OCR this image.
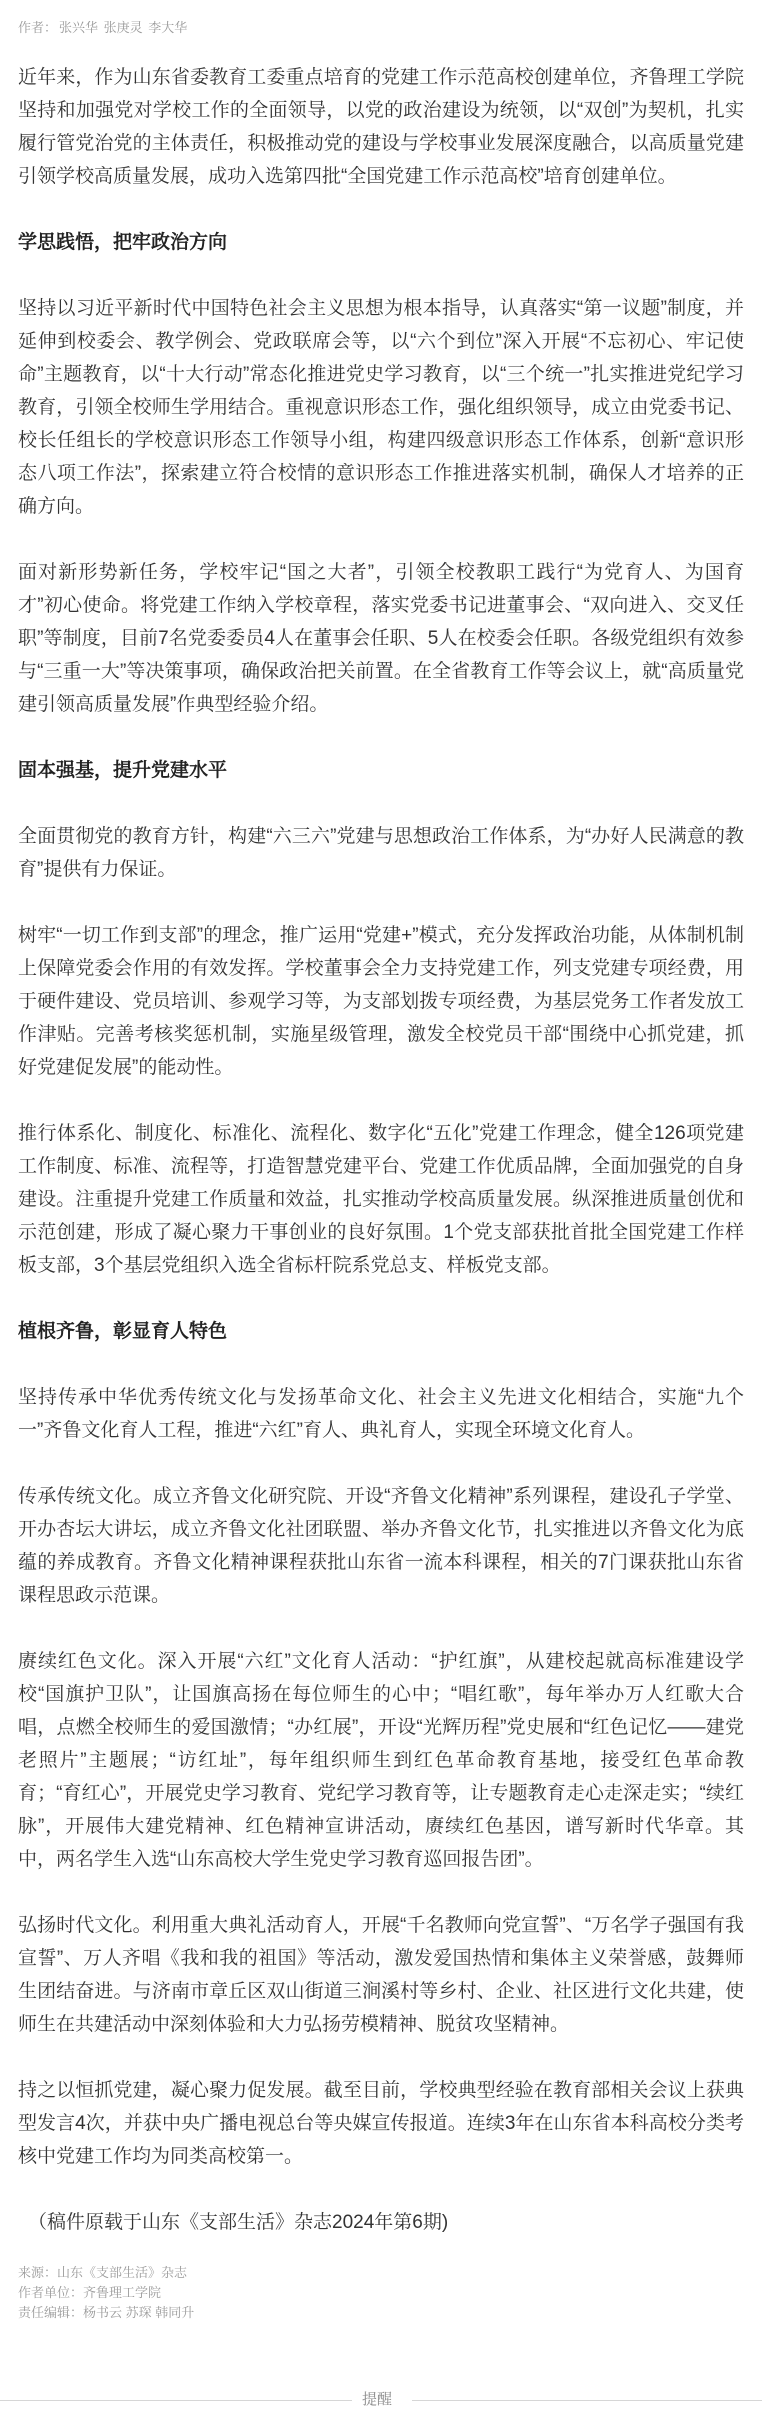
作者： 张兴华 张庚灵 李大华

近年来，作为山东省委教育工委重点培育的党建工作示范高校创建单位，齐鲁理工学院坚持和加强党对学校工作的全面领导，以党的政治建设为统领，以“双创”为契机，扎实履行管党治党的主体责任，积极推动党的建设与学校事业发展深度融合，以高质量党建引领学校高质量发展，成功入选第四批“全国党建工作示范高校”培育创建单位。

学思践悟，把牢政治方向

坚持以习近平新时代中国特色社会主义思想为根本指导，认真落实“第一议题”制度，并延伸到校委会、教学例会、党政联席会等，以“六个到位”深入开展“不忘初心、牢记使命”主题教育，以“十大行动”常态化推进党史学习教育，以“三个统一”扎实推进党纪学习教育，引领全校师生学用结合。重视意识形态工作，强化组织领导，成立由党委书记、校长任组长的学校意识形态工作领导小组，构建四级意识形态工作体系，创新“意识形态八项工作法”，探索建立符合校情的意识形态工作推进落实机制，确保人才培养的正确方向。

面对新形势新任务，学校牢记“国之大者”，引领全校教职工践行“为党育人、为国育才”初心使命。将党建工作纳入学校章程，落实党委书记进董事会、“双向进入、交叉任职”等制度，目前7名党委委员4人在董事会任职、5人在校委会任职。各级党组织有效参与“三重一大”等决策事项，确保政治把关前置。在全省教育工作等会议上，就“高质量党建引领高质量发展”作典型经验介绍。

固本强基，提升党建水平

全面贯彻党的教育方针，构建“六三六”党建与思想政治工作体系，为“办好人民满意的教育”提供有力保证。

树牢“一切工作到支部”的理念，推广运用“党建+”模式，充分发挥政治功能，从体制机制上保障党委会作用的有效发挥。学校董事会全力支持党建工作，列支党建专项经费，用于硬件建设、党员培训、参观学习等，为支部划拨专项经费，为基层党务工作者发放工作津贴。完善考核奖惩机制，实施星级管理，激发全校党员干部“围绕中心抓党建，抓好党建促发展”的能动性。

推行体系化、制度化、标准化、流程化、数字化“五化”党建工作理念，健全126项党建工作制度、标准、流程等，打造智慧党建平台、党建工作优质品牌，全面加强党的自身建设。注重提升党建工作质量和效益，扎实推动学校高质量发展。纵深推进质量创优和示范创建，形成了凝心聚力干事创业的良好氛围。1个党支部获批首批全国党建工作样板支部，3个基层党组织入选全省标杆院系党总支、样板党支部。

植根齐鲁，彰显育人特色

坚持传承中华优秀传统文化与发扬革命文化、社会主义先进文化相结合，实施“九个一”齐鲁文化育人工程，推进“六红”育人、典礼育人，实现全环境文化育人。

传承传统文化。成立齐鲁文化研究院、开设“齐鲁文化精神”系列课程，建设孔子学堂、开办杏坛大讲坛，成立齐鲁文化社团联盟、举办齐鲁文化节，扎实推进以齐鲁文化为底蕴的养成教育。齐鲁文化精神课程获批山东省一流本科课程，相关的7门课获批山东省课程思政示范课。

赓续红色文化。深入开展“六红”文化育人活动：“护红旗”，从建校起就高标准建设学校“国旗护卫队”，让国旗高扬在每位师生的心中；“唱红歌”，每年举办万人红歌大合唱，点燃全校师生的爱国激情；“办红展”，开设“光辉历程”党史展和“红色记忆——建党老照片”主题展；“访红址”，每年组织师生到红色革命教育基地，接受红色革命教育；“育红心”，开展党史学习教育、党纪学习教育等，让专题教育走心走深走实；“续红脉”，开展伟大建党精神、红色精神宣讲活动，赓续红色基因，谱写新时代华章。其中，两名学生入选“山东高校大学生党史学习教育巡回报告团”。

弘扬时代文化。利用重大典礼活动育人，开展“千名教师向党宣誓”、“万名学子强国有我宣誓”、万人齐唱《我和我的祖国》等活动，激发爱国热情和集体主义荣誉感，鼓舞师生团结奋进。与济南市章丘区双山街道三涧溪村等乡村、企业、社区进行文化共建，使师生在共建活动中深刻体验和大力弘扬劳模精神、脱贫攻坚精神。

持之以恒抓党建，凝心聚力促发展。截至目前，学校典型经验在教育部相关会议上获典型发言4次，并获中央广播电视总台等央媒宣传报道。连续3年在山东省本科高校分类考核中党建工作均为同类高校第一。

（稿件原载于山东《支部生活》杂志2024年第6期)

来源：山东《支部生活》杂志
作者单位：齐鲁理工学院
责任编辑：杨书云 苏琛 韩同升
提醒
